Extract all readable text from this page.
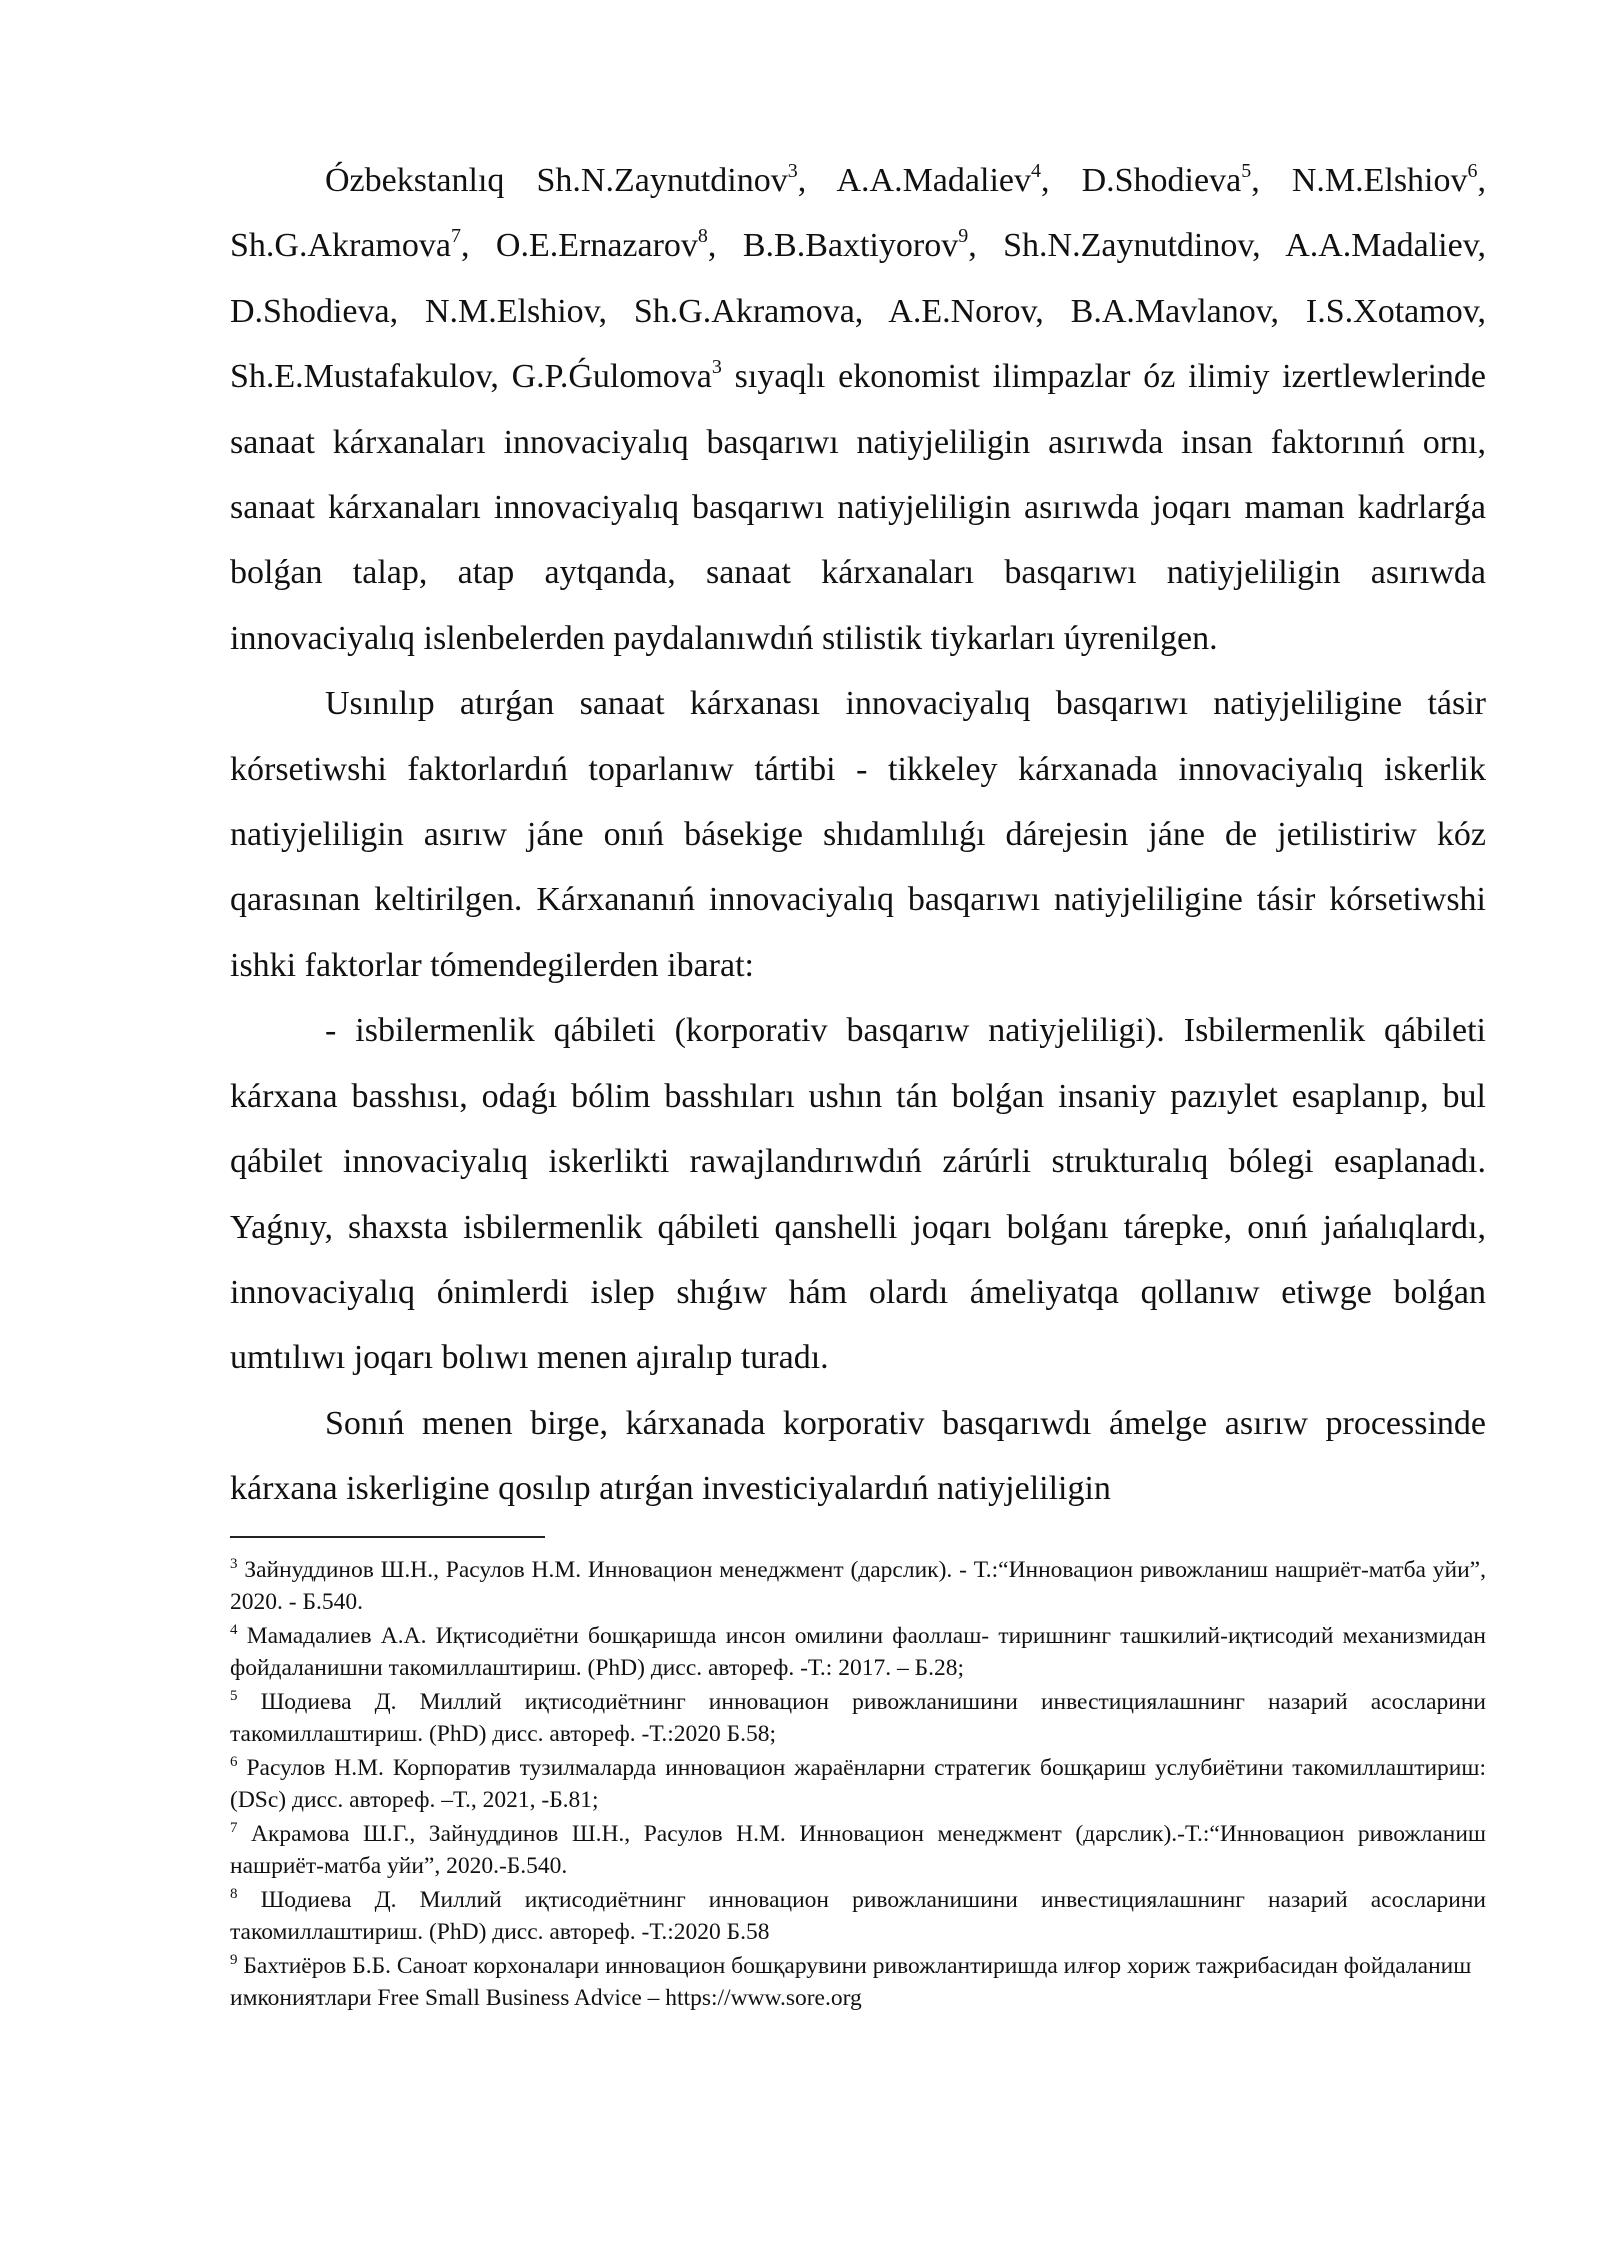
Ózbekstanlıq Sh.N.Zaynutdinov$^3$, A.A.Madaliev$^4$, D.Shodieva$^5$, N.M.Elshiov$^6$, Sh.G.Akramova$^7$, O.E.Ernazarov$^8$, B.B.Baxtiyorov$^9$, Sh.N.Zaynutdinov, A.A.Madaliev, D.Shodieva, N.M.Elshiov, Sh.G.Akramova, A.E.Norov, B.A.Mavlanov, I.S.Xotamov, Sh.E.Mustafakulov, G.P.Ǵulomova$^3$ sıyaqlı ekonomist ilimpazlar óz ilimiy izertlewlerinde sanaat kárxanaları innovaciyalıq basqarıwı natiyjeliligin asırıwda insan faktorınıń ornı, sanaat kárxanaları innovaciyalıq basqarıwı natiyjeliligin asırıwda joqarı maman kadrlarǵa bolǵan talap, atap aytqanda, sanaat kárxanaları basqarıwı natiyjeliligin asırıwda innovaciyalıq islenbelerden paydalanıwdıń stilistik tiykarları úyrenilgen.

Usınılıp atırǵan sanaat kárxanası innovaciyalıq basqarıwı natiyjeliligine tásir kórsetiwshi faktorlardıń toparlanıw tártibi - tikkeley kárxanada innovaciyalıq iskerlik natiyjeliligin asırıw jáne onıń básekige shıdamlılıǵı dárejesin jáne de jetilistiriw kóz qarasınan keltirilgen. Kárxananıń innovaciyalıq basqarıwı natiyjeliligine tásir kórsetiwshi ishki faktorlar tómendegilerden ibarat:

- isbilermenlik qábileti (korporativ basqarıw natiyjeliligi). Isbilermenlik qábileti kárxana basshısı, odaǵı bólim basshıları ushın tán bolǵan insaniy pazıylet esaplanıp, bul qábilet innovaciyalıq iskerlikti rawajlandırıwdıń zárúrli strukturalıq bólegi esaplanadı. Yaǵnıy, shaxsta isbilermenlik qábileti qanshelli joqarı bolǵanı tárepke, onıń jańalıqlardı, innovaciyalıq ónimlerdi islep shıǵıw hám olardı ámeliyatqa qollanıw etiwge bolǵan umtılıwı joqarı bolıwı menen ajıralıp turadı.

Sonıń menen birge, kárxanada korporativ basqarıwdı ámelge asırıw processinde kárxana iskerligine qosılıp atırǵan investiciyalardıń natiyjeliligin

$^3$ Зайнуддинов Ш.Н., Расулов Н.М. Инновацион менеджмент (дарслик). - Т.:“Инновацион ривожланиш нашриёт-матба уйи”, 2020. - Б.540.

$^4$ Мамадалиев А.А. Иқтисодиётни бошқаришда инсон омилини фаоллаш- тиришнинг ташкилий-иқтисодий механизмидан фойдаланишни такомиллаштириш. (PhD) дисс. автореф. -Т.: 2017. – Б.28;

$^5$ Шодиева Д. Миллий иқтисодиётнинг инновацион ривожланишини инвестициялашнинг назарий асосларини такомиллаштириш. (PhD) дисс. автореф. -Т.:2020 Б.58;

$^6$ Расулов Н.М. Корпоратив тузилмаларда инновацион жараёнларни стратегик бошқариш услубиётини такомиллаштириш: (DSc) дисс. автореф. –Т., 2021, -Б.81;

$^7$ Акрамова Ш.Г., Зайнуддинов Ш.Н., Расулов Н.М. Инновацион менеджмент (дарслик).-Т.:“Инновацион ривожланиш нашриёт-матба уйи”, 2020.-Б.540.

$^8$ Шодиева Д. Миллий иқтисодиётнинг инновацион ривожланишини инвестициялашнинг назарий асосларини такомиллаштириш. (PhD) дисс. автореф. -Т.:2020 Б.58

$^9$ Бахтиёров Б.Б. Саноат корхоналари инновацион бошқарувини ривожлантиришда илғор хориж тажрибасидан фойдаланиш имкониятлари Free Small Business Advice – https://www.sore.org
